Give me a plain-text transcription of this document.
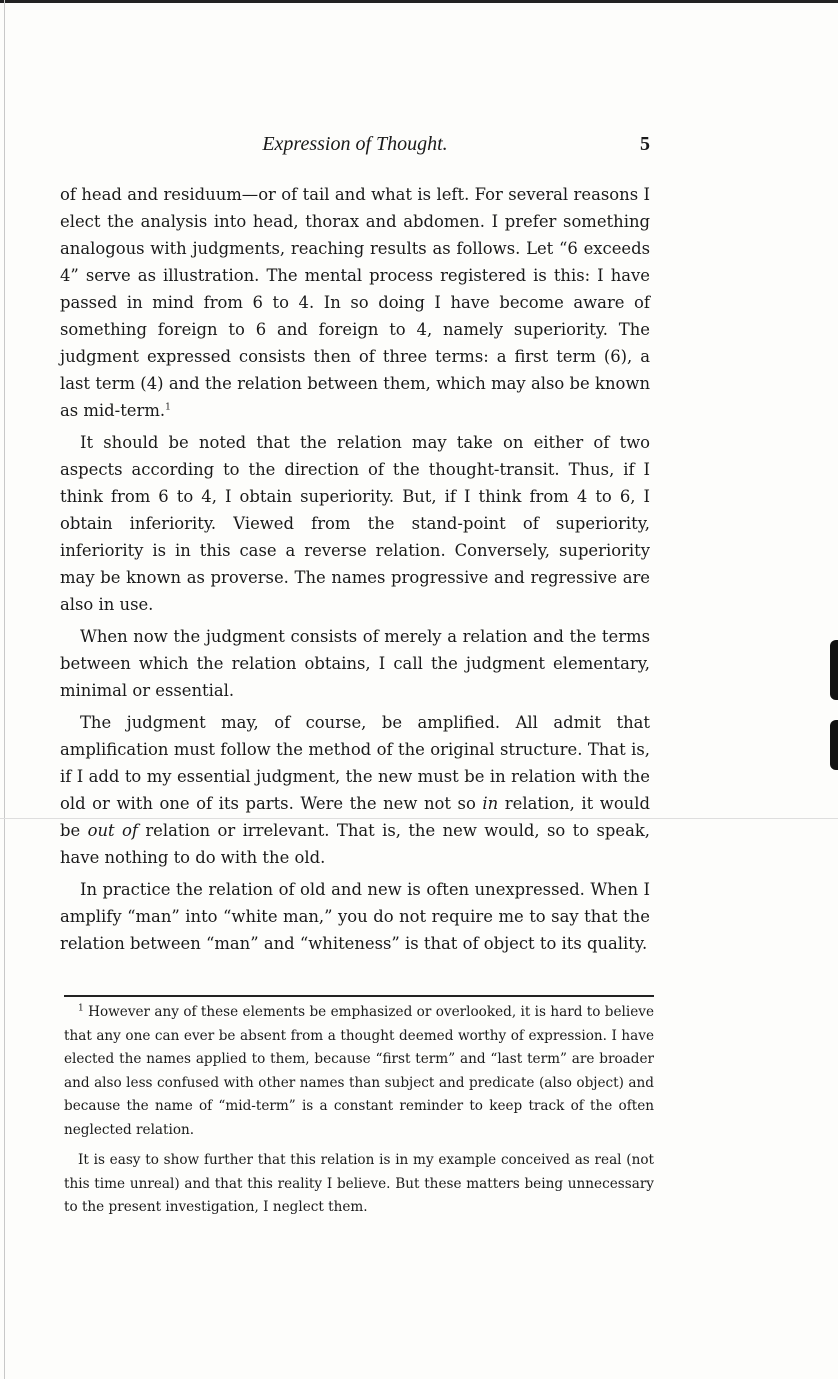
Expression of Thought.	5

of head and residuum—or of tail and what is left. For several reasons I elect the analysis into head, thorax and abdomen. I prefer something analogous with judgments, reaching results as follows. Let “6 exceeds 4” serve as illustration. The mental process registered is this: I have passed in mind from 6 to 4. In so doing I have become aware of something foreign to 6 and foreign to 4, namely superiority. The judgment expressed consists then of three terms: a first term (6), a last term (4) and the relation between them, which may also be known as mid-term.$^1$

It should be noted that the relation may take on either of two aspects according to the direction of the thought-transit. Thus, if I think from 6 to 4, I obtain superiority. But, if I think from 4 to 6, I obtain inferiority. Viewed from the stand-point of superiority, inferiority is in this case a reverse relation. Conversely, superiority may be known as proverse. The names progressive and regressive are also in use.

When now the judgment consists of merely a relation and the terms between which the relation obtains, I call the judgment elementary, minimal or essential.

The judgment may, of course, be amplified. All admit that amplification must follow the method of the original structure. That is, if I add to my essential judgment, the new must be in relation with the old or with one of its parts. Were the new not so in relation, it would be out of relation or irrelevant. That is, the new would, so to speak, have nothing to do with the old.

In practice the relation of old and new is often unexpressed. When I amplify “man” into “white man,” you do not require me to say that the relation between “man” and “whiteness” is that of object to its quality.

$^1$ However any of these elements be emphasized or overlooked, it is hard to believe that any one can ever be absent from a thought deemed worthy of expression. I have elected the names applied to them, because “first term” and “last term” are broader and also less confused with other names than subject and predicate (also object) and because the name of “mid-term” is a constant reminder to keep track of the often neglected relation.

It is easy to show further that this relation is in my example conceived as real (not this time unreal) and that this reality I believe. But these matters being unnecessary to the present investigation, I neglect them.
